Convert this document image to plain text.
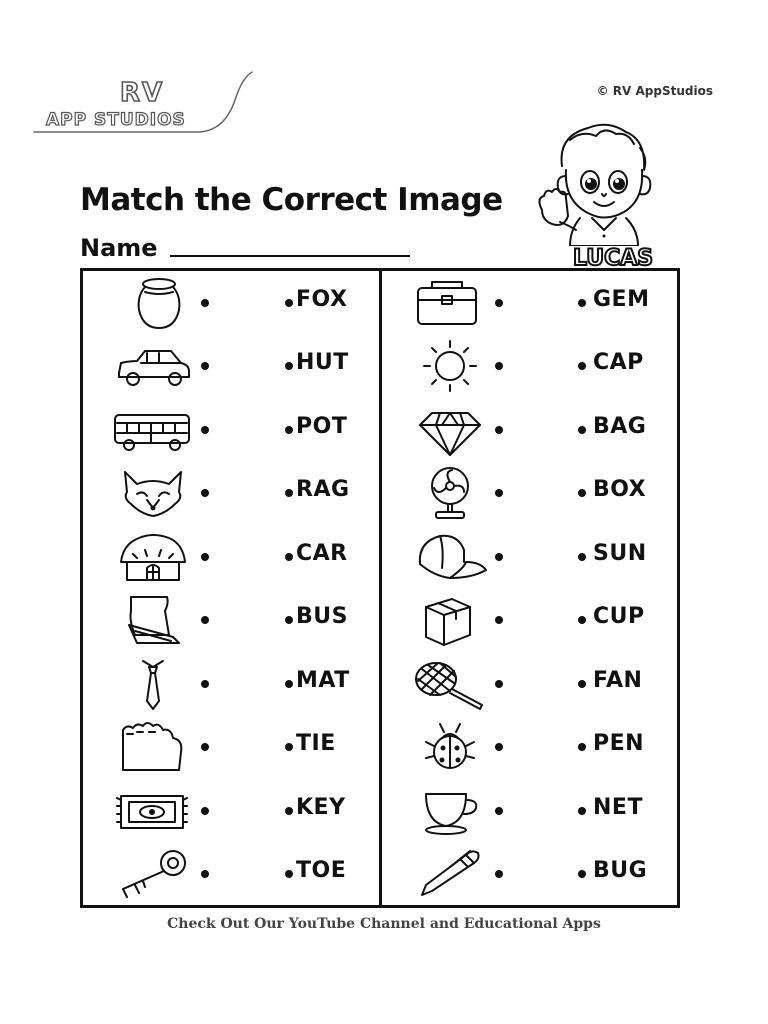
RV
APP STUDIOS
© RV AppStudios
LUCAS
Match the Correct Image
Name
FOX
HUT
POT
RAG
CAR
BUS
MAT
TIE
KEY
TOE
GEM
CAP
BAG
BOX
SUN
CUP
FAN
PEN
NET
BUG
Check Out Our YouTube Channel and Educational Apps
